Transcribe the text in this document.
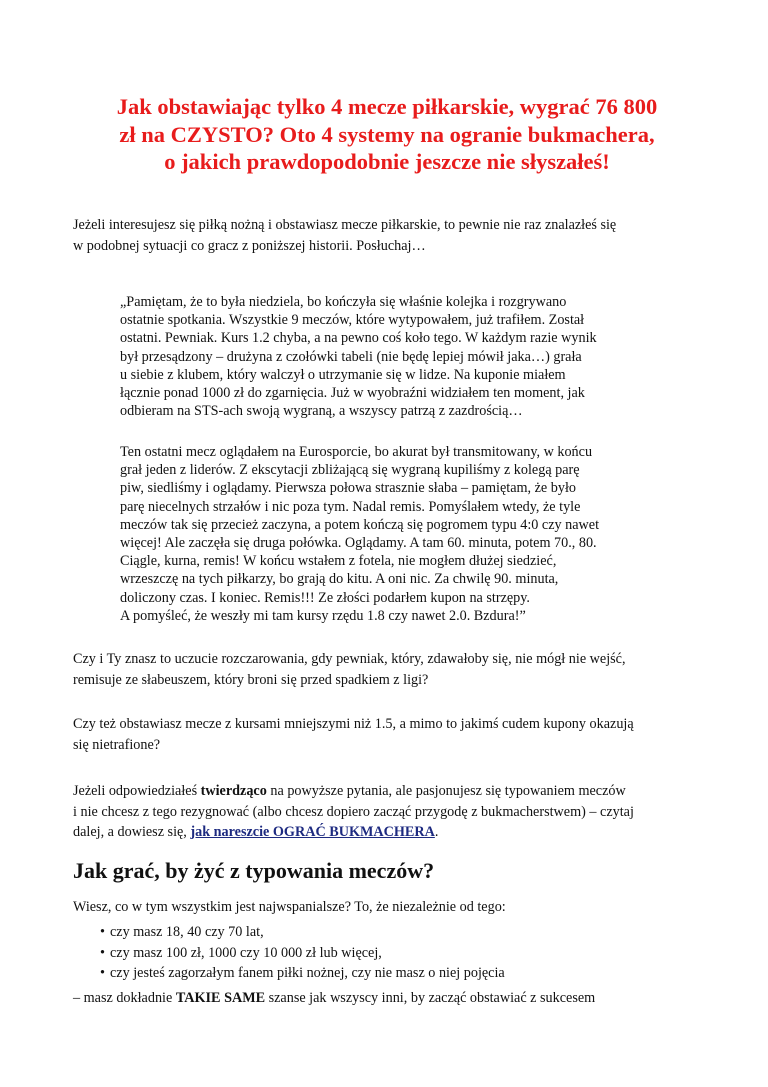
Jak obstawiając tylko 4 mecze piłkarskie, wygrać 76 800
zł na CZYSTO? Oto 4 systemy na ogranie bukmachera,
o jakich prawdopodobnie jeszcze nie słyszałeś!

Jeżeli interesujesz się piłką nożną i obstawiasz mecze piłkarskie, to pewnie nie raz znalazłeś się
w podobnej sytuacji co gracz z poniższej historii. Posłuchaj…

„Pamiętam, że to była niedziela, bo kończyła się właśnie kolejka i rozgrywano
ostatnie spotkania. Wszystkie 9 meczów, które wytypowałem, już trafiłem. Został
ostatni. Pewniak. Kurs 1.2 chyba, a na pewno coś koło tego. W każdym razie wynik
był przesądzony – drużyna z czołówki tabeli (nie będę lepiej mówił jaka…) grała
u siebie z klubem, który walczył o utrzymanie się w lidze. Na kuponie miałem
łącznie ponad 1000 zł do zgarnięcia. Już w wyobraźni widziałem ten moment, jak
odbieram na STS-ach swoją wygraną, a wszyscy patrzą z zazdrością…

Ten ostatni mecz oglądałem na Eurosporcie, bo akurat był transmitowany, w końcu
grał jeden z liderów. Z ekscytacji zbliżającą się wygraną kupiliśmy z kolegą parę
piw, siedliśmy i oglądamy. Pierwsza połowa strasznie słaba – pamiętam, że było
parę niecelnych strzałów i nic poza tym. Nadal remis. Pomyślałem wtedy, że tyle
meczów tak się przecież zaczyna, a potem kończą się pogromem typu 4:0 czy nawet
więcej! Ale zaczęła się druga połówka. Oglądamy. A tam 60. minuta, potem 70., 80.
Ciągle, kurna, remis! W końcu wstałem z fotela, nie mogłem dłużej siedzieć,
wrzeszczę na tych piłkarzy, bo grają do kitu. A oni nic. Za chwilę 90. minuta,
doliczony czas. I koniec. Remis!!! Ze złości podarłem kupon na strzępy.
A pomyśleć, że weszły mi tam kursy rzędu 1.8 czy nawet 2.0. Bzdura!”

Czy i Ty znasz to uczucie rozczarowania, gdy pewniak, który, zdawałoby się, nie mógł nie wejść,
remisuje ze słabeuszem, który broni się przed spadkiem z ligi?

Czy też obstawiasz mecze z kursami mniejszymi niż 1.5, a mimo to jakimś cudem kupony okazują
się nietrafione?

Jeżeli odpowiedziałeś twierdząco na powyższe pytania, ale pasjonujesz się typowaniem meczów
i nie chcesz z tego rezygnować (albo chcesz dopiero zacząć przygodę z bukmacherstwem) – czytaj
dalej, a dowiesz się, jak nareszcie OGRAĆ BUKMACHERA.

Jak grać, by żyć z typowania meczów?

Wiesz, co w tym wszystkim jest najwspanialsze? To, że niezależnie od tego:

• czy masz 18, 40 czy 70 lat,
• czy masz 100 zł, 1000 czy 10 000 zł lub więcej,
• czy jesteś zagorzałym fanem piłki nożnej, czy nie masz o niej pojęcia

– masz dokładnie TAKIE SAME szanse jak wszyscy inni, by zacząć obstawiać z sukcesem
